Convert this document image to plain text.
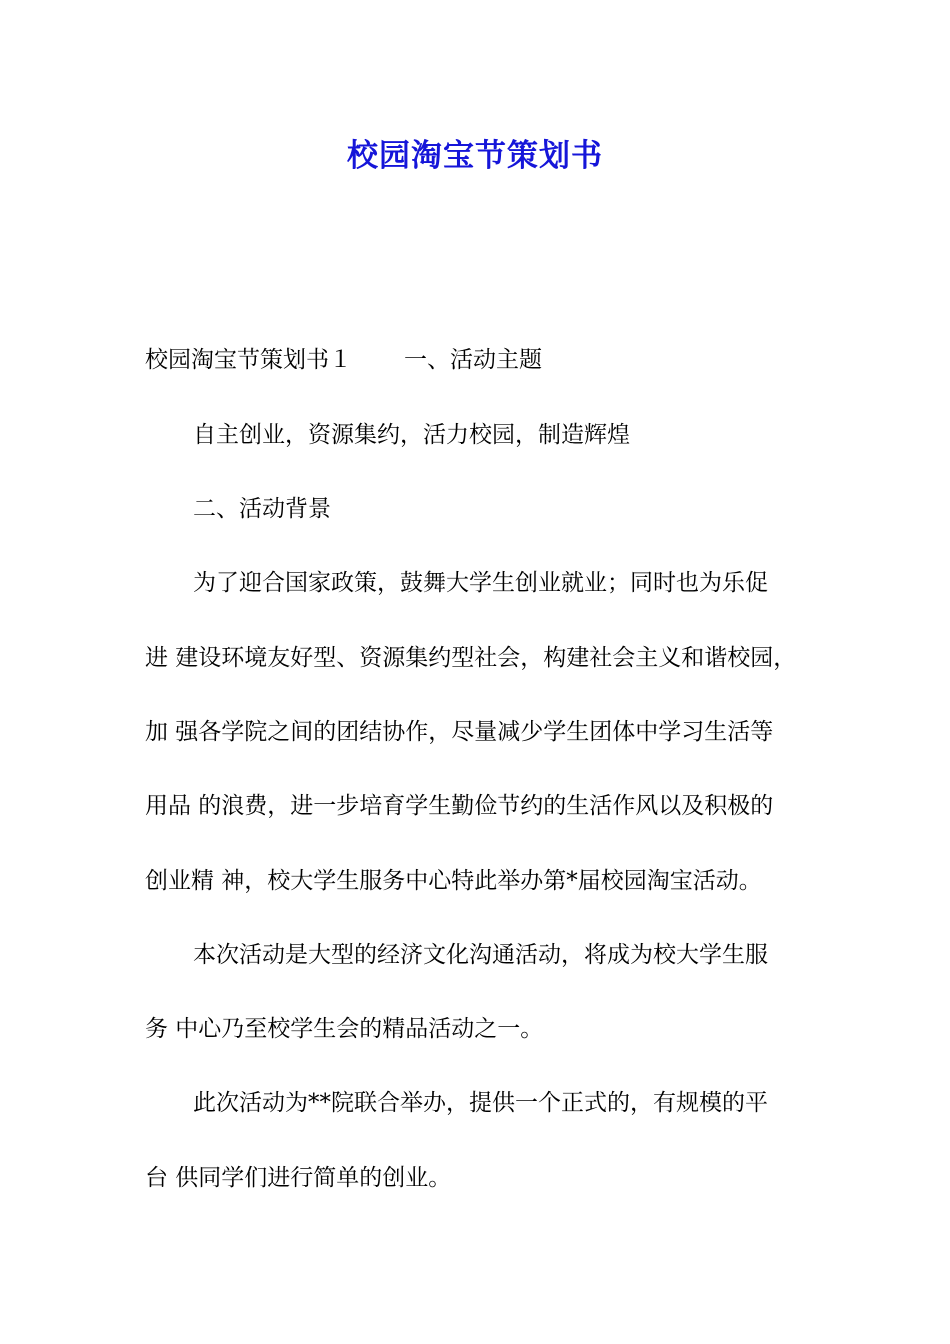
校园淘宝节策划书
校园淘宝节策划书１ 一、活动主题
自主创业，资源集约，活力校园，制造辉煌
二、活动背景
为了迎合国家政策，鼓舞大学生创业就业；同时也为乐促
进 建设环境友好型、资源集约型社会，构建社会主义和谐校园，
加 强各学院之间的团结协作，尽量减少学生团体中学习生活等
用品 的浪费，进一步培育学生勤俭节约的生活作风以及积极的
创业精 神，校大学生服务中心特此举办第*届校园淘宝活动。
本次活动是大型的经济文化沟通活动，将成为校大学生服
务 中心乃至校学生会的精品活动之一。
此次活动为**院联合举办，提供一个正式的，有规模的平
台 供同学们进行简单的创业。
